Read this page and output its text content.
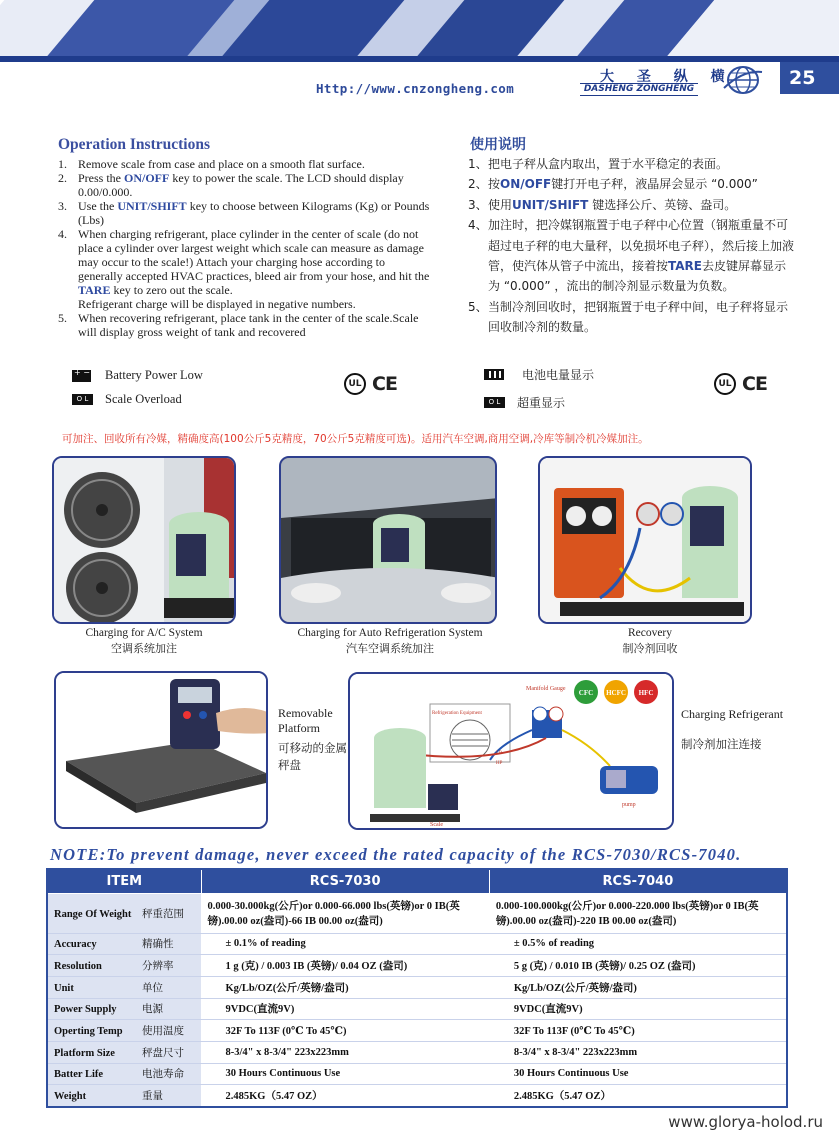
Http://www.cnzongheng.com
大 圣 纵 横
DASHENG ZONGHENG	25
Operation Instructions
1. Remove scale from case and place on a smooth flat surface.
2. Press the ON/OFF key to power the scale. The LCD should display 0.00/0.000.
3. Use the UNIT/SHIFT key to choose between Kilograms (Kg) or Pounds (Lbs)
4. When charging refrigerant, place cylinder in the center of scale (do not place a cylinder over largest weight which scale can measure as damage may occur to the scale!) Attach your charging hose according to generally accepted HVAC practices, bleed air from your hose, and hit the TARE key to zero out the scale.
Refrigerant charge will be displayed in negative numbers.
5. When recovering refrigerant, place tank in the center of the scale.Scale will display gross weight of tank and recovered
使用说明
1、 把电子秤从盒内取出，置于水平稳定的表面。
2、 按ON/OFF键打开电子秤，液晶屏会显示 “0.000”
3、 使用UNIT/SHIFT 键选择公斤、英镑、盎司。
4、 加注时，把冷媒钢瓶置于电子秤中心位置（钢瓶重量不可超过电子秤的电大量秤，以免损坏电子秤），然后接上加液管，使汽体从管子中流出，接着按TARE去皮键屏幕显示为 “0.000” ，流出的制冷剂显示数量为负数。
5、 当制冷剂回收时，把钢瓶置于电子秤中间，电子秤将显示回收制冷剂的数量。
+ −
Battery Power Low
O L	Scale Overload
UL CE	电池电量显示
O L	超重显示
UL CE
可加注、回收所有冷媒，精确度高(100公斤5克精度，70公斤5克精度可选)。适用汽车空调,商用空调,冷库等制冷机冷媒加注。
Charging for A/C System
空调系统加注
Charging for Auto Refrigeration System
汽车空调系统加注
Recovery
制冷剂回收
Removable Platform
可移动的金属秤盘
Manifold Gauge CFC HCFC HFC
Refrigeration Equipment
LP
HP
pump
Scale
Charging Refrigerant
制冷剂加注连接
NOTE:To prevent damage, never exceed the rated capacity of the RCS-7030/RCS-7040.
ITEM	RCS-7030	RCS-7040
Range Of Weight 秤重范围	0.000-30.000kg(公斤)or 0.000-66.000 lbs(英镑)or 0 IB(英镑).00.00 oz(盎司)-66 IB 00.00 oz(盎司)	0.000-100.000kg(公斤)or 0.000-220.000 lbs(英镑)or 0 IB(英镑).00.00 oz(盎司)-220 IB 00.00 oz(盎司)
Accuracy 精确性	± 0.1% of reading	± 0.5% of reading
Resolution 分辨率	1 g (克) / 0.003 IB (英镑)/ 0.04 OZ (盎司)	5 g (克) / 0.010 IB (英镑)/ 0.25 OZ (盎司)
Unit 单位	Kg/Lb/OZ(公斤/英镑/盎司)	Kg/Lb/OZ(公斤/英镑/盎司)
Power Supply 电源	9VDC(直流9V)	9VDC(直流9V)
Operting Temp 使用温度	32F To 113F (0℃ To 45℃)	32F To 113F (0℃ To 45℃)
Platform Size 秤盘尺寸	8-3/4" x 8-3/4" 223x223mm	8-3/4" x 8-3/4" 223x223mm
Batter Life 电池寿命	30 Hours Continuous Use	30 Hours Continuous Use
Weight 重量	2.485KG（5.47 OZ）	2.485KG（5.47 OZ）
www.glorya-holod.ru
